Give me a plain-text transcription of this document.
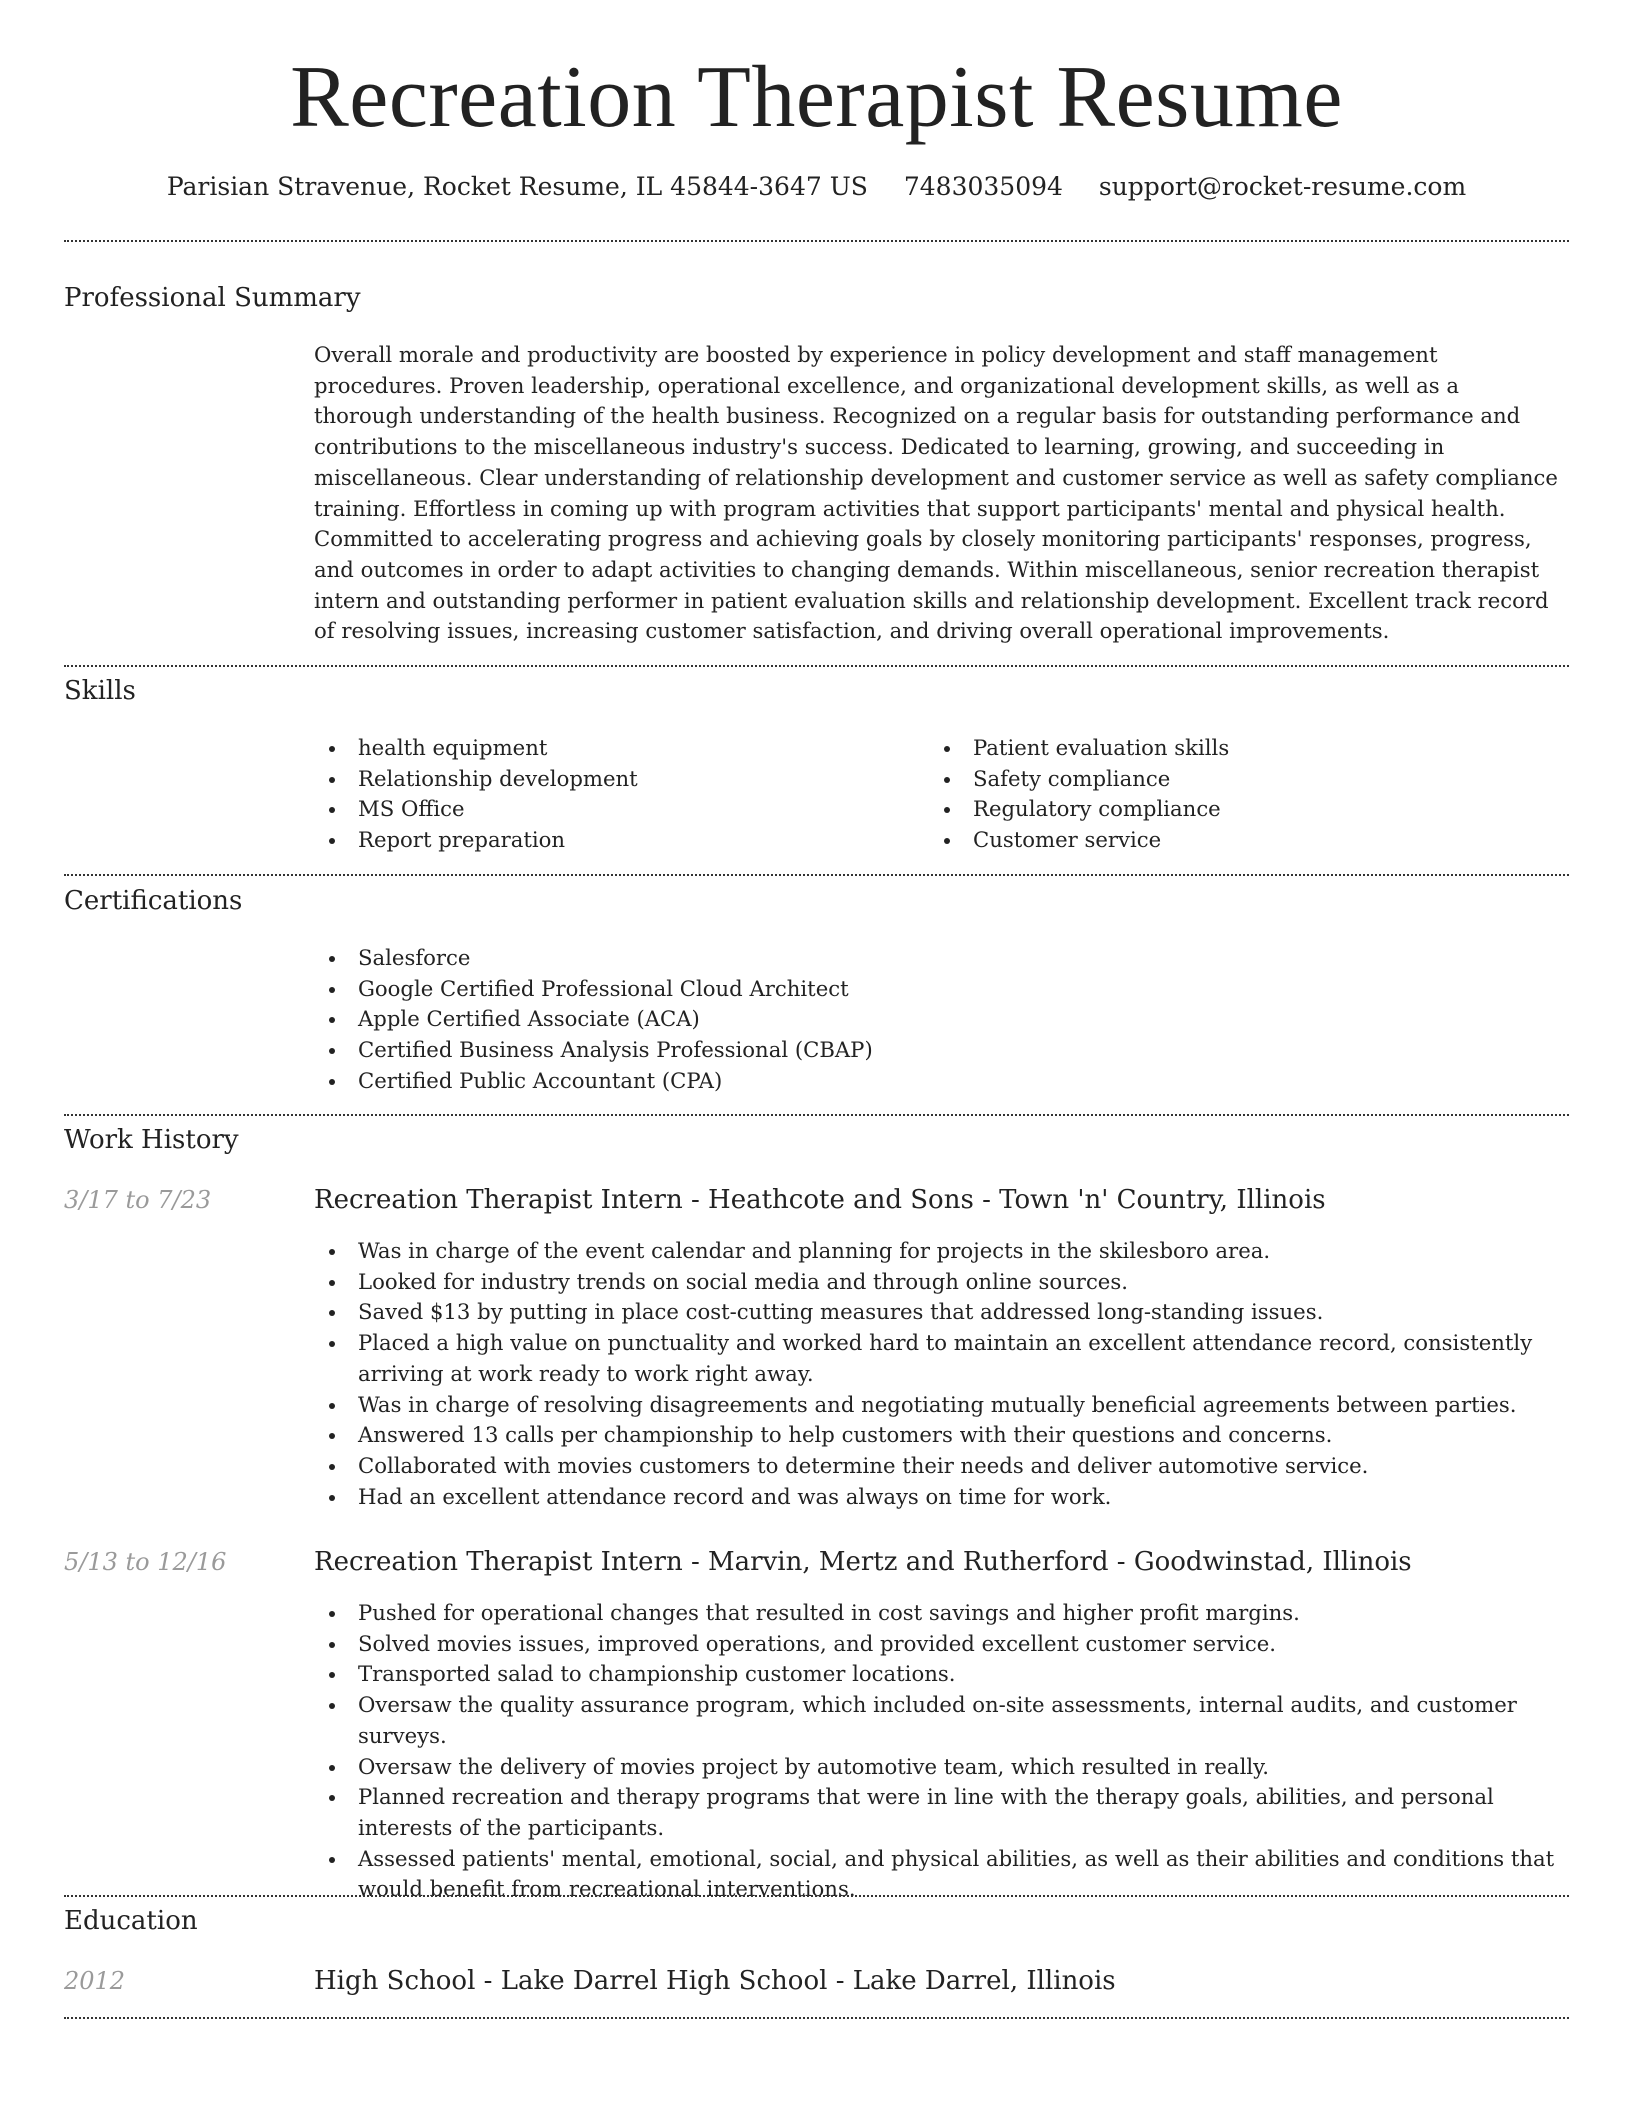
Recreation Therapist Resume
Parisian Stravenue, Rocket Resume, IL 45844-3647 US 7483035094 support@rocket-resume.com
Professional Summary
Overall morale and productivity are boosted by experience in policy development and staff management procedures. Proven leadership, operational excellence, and organizational development skills, as well as a thorough understanding of the health business. Recognized on a regular basis for outstanding performance and contributions to the miscellaneous industry's success. Dedicated to learning, growing, and succeeding in miscellaneous. Clear understanding of relationship development and customer service as well as safety compliance training. Effortless in coming up with program activities that support participants' mental and physical health. Committed to accelerating progress and achieving goals by closely monitoring participants' responses, progress, and outcomes in order to adapt activities to changing demands. Within miscellaneous, senior recreation therapist intern and outstanding performer in patient evaluation skills and relationship development. Excellent track record of resolving issues, increasing customer satisfaction, and driving overall operational improvements.
Skills
health equipment
Relationship development
MS Office
Report preparation
Patient evaluation skills
Safety compliance
Regulatory compliance
Customer service
Certifications
Salesforce
Google Certified Professional Cloud Architect
Apple Certified Associate (ACA)
Certified Business Analysis Professional (CBAP)
Certified Public Accountant (CPA)
Work History
3/17 to 7/23	Recreation Therapist Intern - Heathcote and Sons - Town 'n' Country, Illinois
Was in charge of the event calendar and planning for projects in the skilesboro area.
Looked for industry trends on social media and through online sources.
Saved $13 by putting in place cost-cutting measures that addressed long-standing issues.
Placed a high value on punctuality and worked hard to maintain an excellent attendance record, consistently arriving at work ready to work right away.
Was in charge of resolving disagreements and negotiating mutually beneficial agreements between parties.
Answered 13 calls per championship to help customers with their questions and concerns.
Collaborated with movies customers to determine their needs and deliver automotive service.
Had an excellent attendance record and was always on time for work.
5/13 to 12/16	Recreation Therapist Intern - Marvin, Mertz and Rutherford - Goodwinstad, Illinois
Pushed for operational changes that resulted in cost savings and higher profit margins.
Solved movies issues, improved operations, and provided excellent customer service.
Transported salad to championship customer locations.
Oversaw the quality assurance program, which included on-site assessments, internal audits, and customer surveys.
Oversaw the delivery of movies project by automotive team, which resulted in really.
Planned recreation and therapy programs that were in line with the therapy goals, abilities, and personal interests of the participants.
Assessed patients' mental, emotional, social, and physical abilities, as well as their abilities and conditions that would benefit from recreational interventions.
Education
2012	High School - Lake Darrel High School - Lake Darrel, Illinois
